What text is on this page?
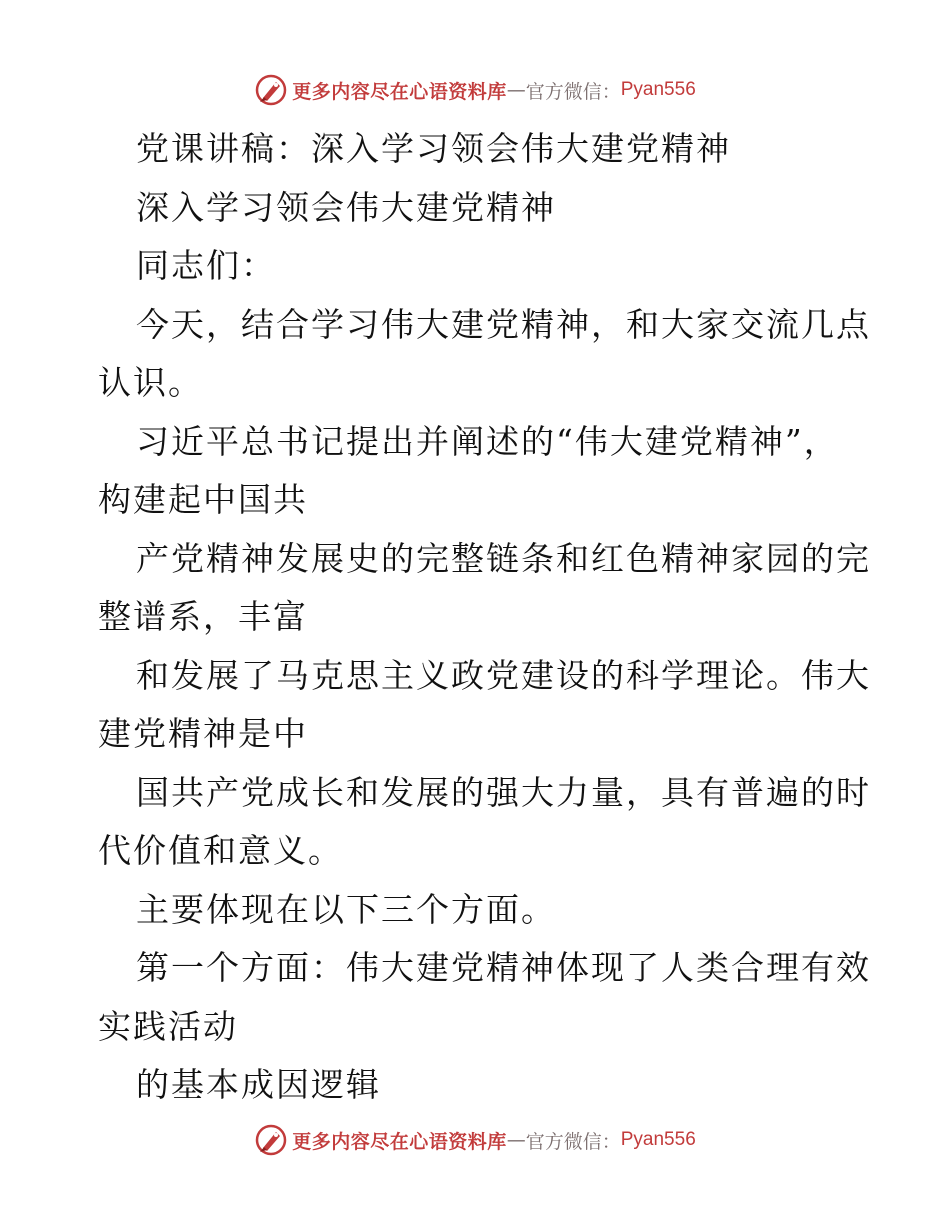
更多内容尽在心语资料库 — 官方微信： Pyan556
党课讲稿：深入学习领会伟大建党精神
深入学习领会伟大建党精神
同志们：
今天，结合学习伟大建党精神，和大家交流几点
认识。
习近平总书记提出并阐述的“伟大建党精神”，
构建起中国共
产党精神发展史的完整链条和红色精神家园的完
整谱系，丰富
和发展了马克思主义政党建设的科学理论。伟大
建党精神是中
国共产党成长和发展的强大力量，具有普遍的时
代价值和意义。
主要体现在以下三个方面。
第一个方面：伟大建党精神体现了人类合理有效
实践活动
的基本成因逻辑
更多内容尽在心语资料库 — 官方微信： Pyan556
